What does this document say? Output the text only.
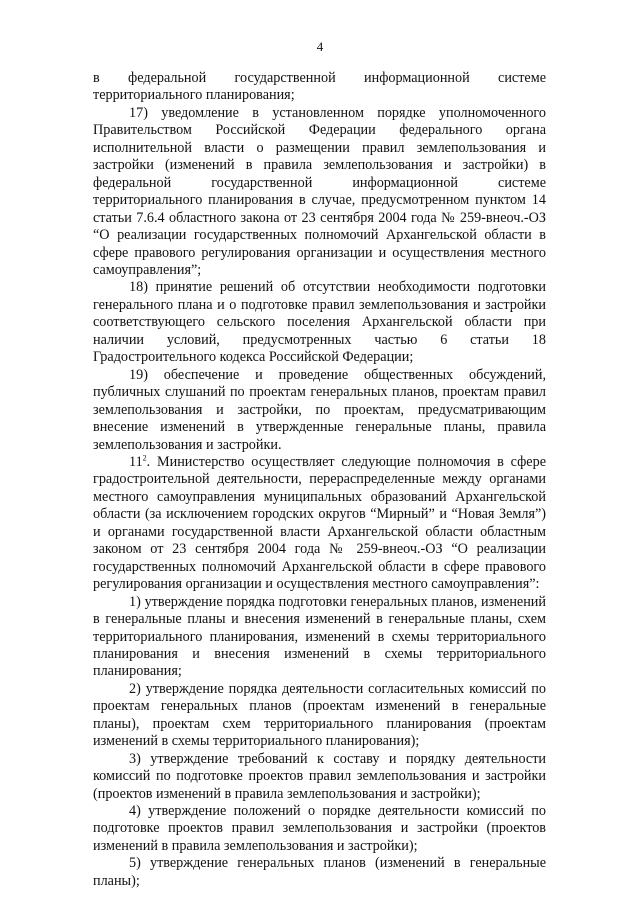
4

в федеральной государственной информационной системе территориального планирования;

17) уведомление в установленном порядке уполномоченного Правительством Российской Федерации федерального органа исполнительной власти о размещении правил землепользования и застройки (изменений в правила землепользования и застройки) в федеральной государственной информационной системе территориального планирования в случае, предусмотренном пунктом 14 статьи 7.6.4 областного закона от 23 сентября 2004 года № 259-внеоч.-ОЗ “О реализации государственных полномочий Архангельской области в сфере правового регулирования организации и осуществления местного самоуправления”;

18) принятие решений об отсутствии необходимости подготовки генерального плана и о подготовке правил землепользования и застройки соответствующего сельского поселения Архангельской области при наличии условий, предусмотренных частью 6 статьи 18 Градостроительного кодекса Российской Федерации;

19) обеспечение и проведение общественных обсуждений, публичных слушаний по проектам генеральных планов, проектам правил землепользования и застройки, по проектам, предусматривающим внесение изменений в утвержденные генеральные планы, правила землепользования и застройки.

$11^2$. Министерство осуществляет следующие полномочия в сфере градостроительной деятельности, перераспределенные между органами местного самоуправления муниципальных образований Архангельской области (за исключением городских округов “Мирный” и “Новая Земля”) и органами государственной власти Архангельской области областным законом от 23 сентября 2004 года № 259-внеоч.-ОЗ “О реализации государственных полномочий Архангельской области в сфере правового регулирования организации и осуществления местного самоуправления”:

1) утверждение порядка подготовки генеральных планов, изменений в генеральные планы и внесения изменений в генеральные планы, схем территориального планирования, изменений в схемы территориального планирования и внесения изменений в схемы территориального планирования;

2) утверждение порядка деятельности согласительных комиссий по проектам генеральных планов (проектам изменений в генеральные планы), проектам схем территориального планирования (проектам изменений в схемы территориального планирования);

3) утверждение требований к составу и порядку деятельности комиссий по подготовке проектов правил землепользования и застройки (проектов изменений в правила землепользования и застройки);

4) утверждение положений о порядке деятельности комиссий по подготовке проектов правил землепользования и застройки (проектов изменений в правила землепользования и застройки);

5) утверждение генеральных планов (изменений в генеральные планы);
